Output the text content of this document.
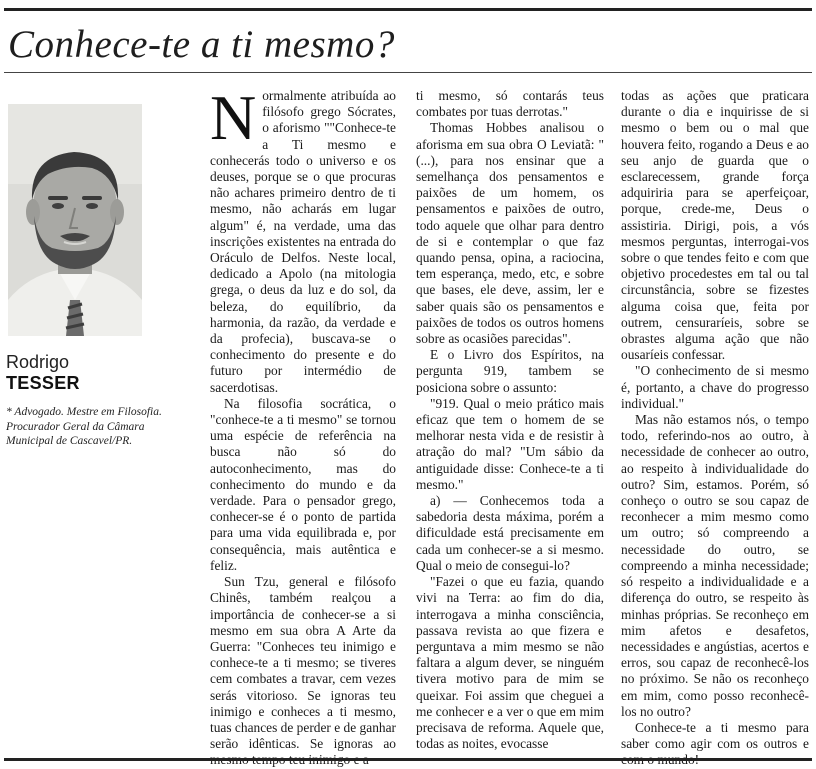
Conhece-te a ti mesmo?
Rodrigo
TESSER
* Advogado. Mestre em Filosofia. Procurador Geral da Câmara Municipal de Cascavel/PR.

Normalmente atribuída ao filósofo grego Sócrates, o aforismo ""Conhece-te a Ti mesmo e conhecerás todo o universo e os deuses, porque se o que procuras não achares primeiro dentro de ti mesmo, não acharás em lugar algum" é, na verdade, uma das inscrições existentes na entrada do Oráculo de Delfos. Neste local, dedicado a Apolo (na mitologia grega, o deus da luz e do sol, da beleza, do equilíbrio, da harmonia, da razão, da verdade e da profecia), buscava-se o conhecimento do presente e do futuro por intermédio de sacerdotisas.

Na filosofia socrática, o "conhece-te a ti mesmo" se tornou uma espécie de referência na busca não só do autoconhecimento, mas do conhecimento do mundo e da verdade. Para o pensador grego, conhecer-se é o ponto de partida para uma vida equilibrada e, por consequência, mais autêntica e feliz.

Sun Tzu, general e filósofo Chinês, também realçou a importância de conhecer-se a si mesmo em sua obra A Arte da Guerra: "Conheces teu inimigo e conhece-te a ti mesmo; se tiveres cem combates a travar, cem vezes serás vitorioso. Se ignoras teu inimigo e conheces a ti mesmo, tuas chances de perder e de ganhar serão idênticas. Se ignoras ao

ti mesmo, só contarás teus combates por tuas derrotas."

Thomas Hobbes analisou o aforisma em sua obra O Leviatã: "(...), para nos ensinar que a semelhança dos pensamentos e paixões de um homem, os pensamentos e paixões de outro, todo aquele que olhar para dentro de si e contemplar o que faz quando pensa, opina, a raciocina, tem esperança, medo, etc, e sobre que bases, ele deve, assim, ler e saber quais são os pensamentos e paixões de todos os outros homens sobre as ocasiões parecidas".

E o Livro dos Espíritos, na pergunta 919, tambem se posiciona sobre o assunto:

"919. Qual o meio prático mais eficaz que tem o homem de se melhorar nesta vida e de resistir à atração do mal? "Um sábio da antiguidade disse: Conhece-te a ti mesmo."

a) — Conhecemos toda a sabedoria desta máxima, porém a dificuldade está precisamente em cada um conhecer-se a si mesmo. Qual o meio de consegui-lo?

"Fazei o que eu fazia, quando vivi na Terra: ao fim do dia, interrogava a minha consciência, passava revista ao que fizera e perguntava a mim mesmo se não faltara a algum dever, se ninguém tivera motivo para de mim se queixar. Foi assim que cheguei a me conhecer e a ver o que em mim precisava de reforma. Aquele que, todas as noites, evocasse

todas as ações que praticara durante o dia e inquirisse de si mesmo o bem ou o mal que houvera feito, rogando a Deus e ao seu anjo de guarda que o esclarecessem, grande força adquiriria para se aperfeiçoar, porque, crede-me, Deus o assistiria. Dirigi, pois, a vós mesmos perguntas, interrogai-vos sobre o que tendes feito e com que objetivo procedestes em tal ou tal circunstância, sobre se fizestes alguma coisa que, feita por outrem, censuraríeis, sobre se obrastes alguma ação que não ousaríeis confessar.

"O conhecimento de si mesmo é, portanto, a chave do progresso individual."

Mas não estamos nós, o tempo todo, referindo-nos ao outro, à necessidade de conhecer ao outro, ao respeito à individualidade do outro? Sim, estamos. Porém, só conheço o outro se sou capaz de reconhecer a mim mesmo como um outro; só compreendo a necessidade do outro, se compreendo a minha necessidade; só respeito a individualidade e a diferença do outro, se respeito às minhas próprias. Se reconheço em mim afetos e desafetos, necessidades e angústias, acertos e erros, sou capaz de reconhecê-los no próximo. Se não os reconheço em mim, como posso reconhecê-los no outro?

Conhece-te a ti mesmo para saber como agir com os outros e
